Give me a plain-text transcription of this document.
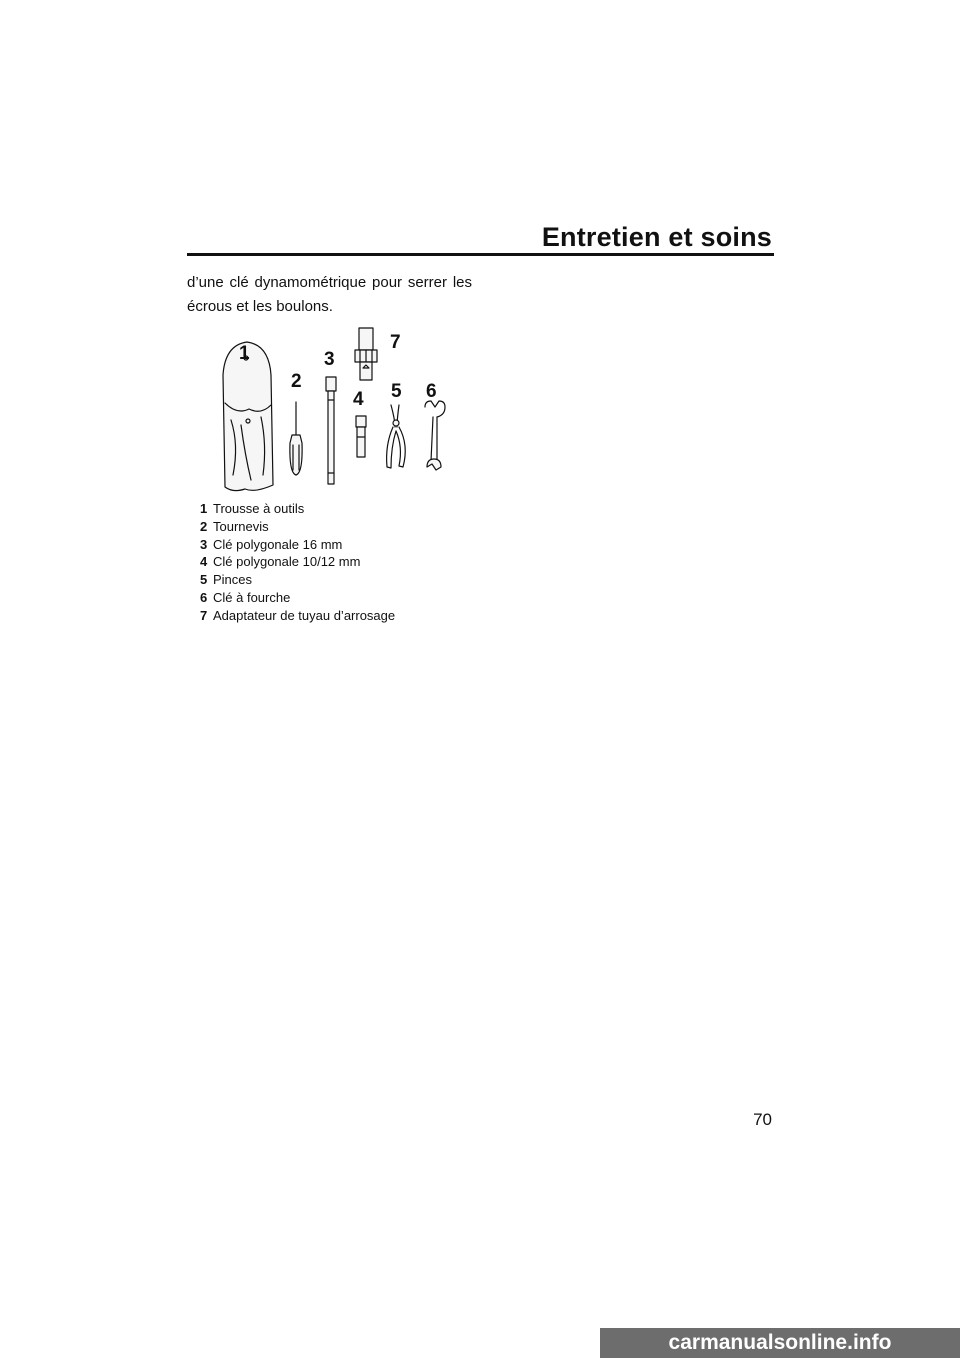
Entretien et soins

d’une clé dynamométrique pour serrer les écrous et les boulons.

1
2
3
4 5 6
7
1 Trousse à outils
2 Tournevis
3 Clé polygonale 16 mm
4 Clé polygonale 10/12 mm
5 Pinces
6 Clé à fourche
7 Adaptateur de tuyau d’arrosage
70
carmanualsonline.info
